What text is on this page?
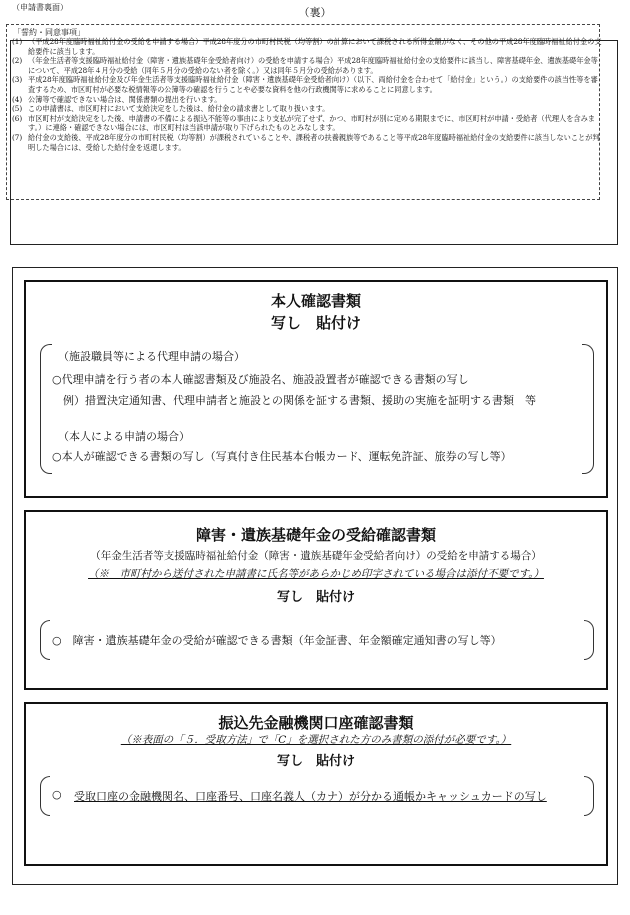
（裏）
（申請書裏面）
「誓約・同意事項」
(1) （平成28年度臨時福祉給付金の受給を申請する場合）平成28年度分の市町村民税（均等割）の計算において課税される所得金額がなく、その他の平成28年度臨時福祉給付金の支給要件に該当します。
(2) （年金生活者等支援臨時福祉給付金（障害・遺族基礎年金受給者向け）の受給を申請する場合）平成28年度臨時福祉給付金の支給要件に該当し、障害基礎年金、遺族基礎年金等について、平成28年４月分の受給（同年５月分の受給のない者を除く。）又は同年５月分の受給があります。
(3) 平成28年度臨時福祉給付金及び年金生活者等支援臨時福祉給付金（障害・遺族基礎年金受給者向け）（以下、両給付金を合わせて「給付金」という。）の支給要件の該当性等を審査するため、市区町村が必要な税情報等の公簿等の確認を行うことや必要な資料を他の行政機関等に求めることに同意します。
(4) 公簿等で確認できない場合は、関係書類の提出を行います。
(5) この申請書は、市区町村において支給決定をした後は、給付金の請求書として取り扱います。
(6) 市区町村が支給決定をした後、申請書の不備による振込不能等の事由により支払が完了せず、かつ、市町村が別に定める期限までに、市区町村が申請・受給者（代理人を含みます。）に連絡・確認できない場合には、市区町村は当該申請が取り下げられたものとみなします。
(7) 給付金の支給後、平成28年度分の市町村民税（均等割）が課税されていることや、課税者の扶養親族等であること等平成28年度臨時福祉給付金の支給要件に該当しないことが判明した場合には、受給した給付金を返還します。
本人確認書類
写し　貼付け
（施設職員等による代理申請の場合）
○代理申請を行う者の本人確認書類及び施設名、施設設置者が確認できる書類の写し
　例）措置決定通知書、代理申請者と施設との関係を証する書類、援助の実施を証明する書類　等
（本人による申請の場合）
○本人が確認できる書類の写し（写真付き住民基本台帳カード、運転免許証、旅券の写し等）
障害・遺族基礎年金の受給確認書類
（年金生活者等支援臨時福祉給付金（障害・遺族基礎年金受給者向け）の受給を申請する場合）
（※　市町村から送付された申請書に氏名等があらかじめ印字されている場合は添付不要です。）
写し　貼付け
○　障害・遺族基礎年金の受給が確認できる書類（年金証書、年金額確定通知書の写し等）
振込先金融機関口座確認書類
（※表面の「５．受取方法」で「C」を選択された方のみ書類の添付が必要です。）
写し　貼付け
○ 受取口座の金融機関名、口座番号、口座名義人（カナ）が分かる通帳かキャッシュカードの写し
